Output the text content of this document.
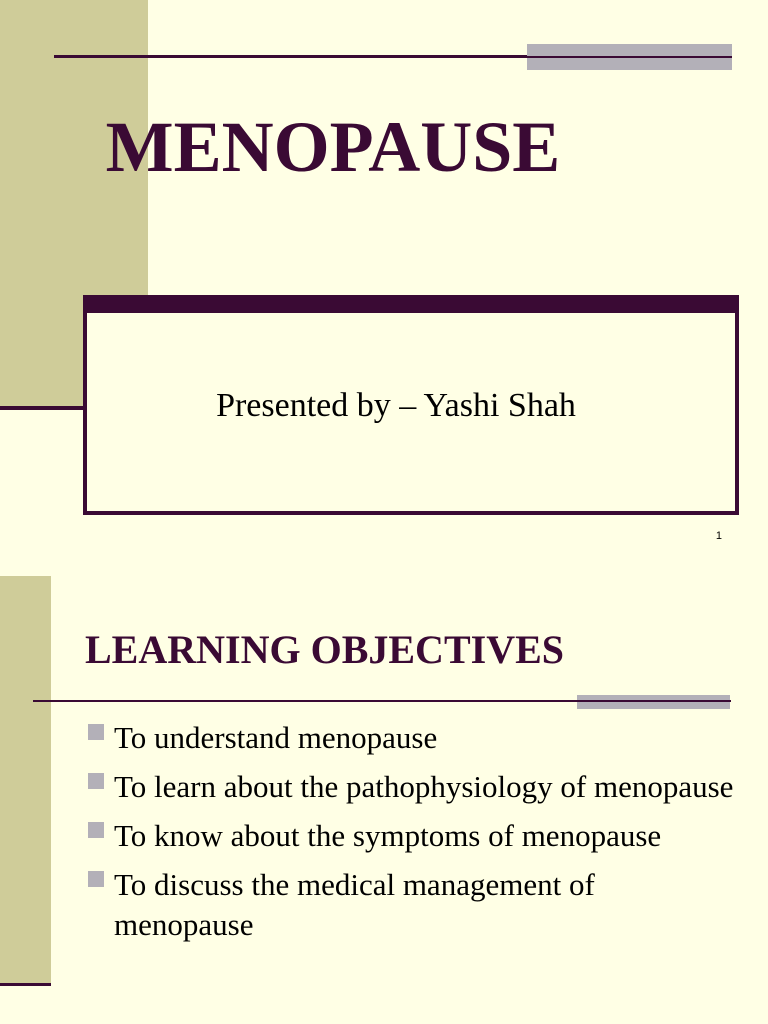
MENOPAUSE
Presented by – Yashi Shah
1
LEARNING OBJECTIVES
To understand menopause
To learn about the pathophysiology of menopause
To know about the symptoms of menopause
To discuss the medical management of menopause
